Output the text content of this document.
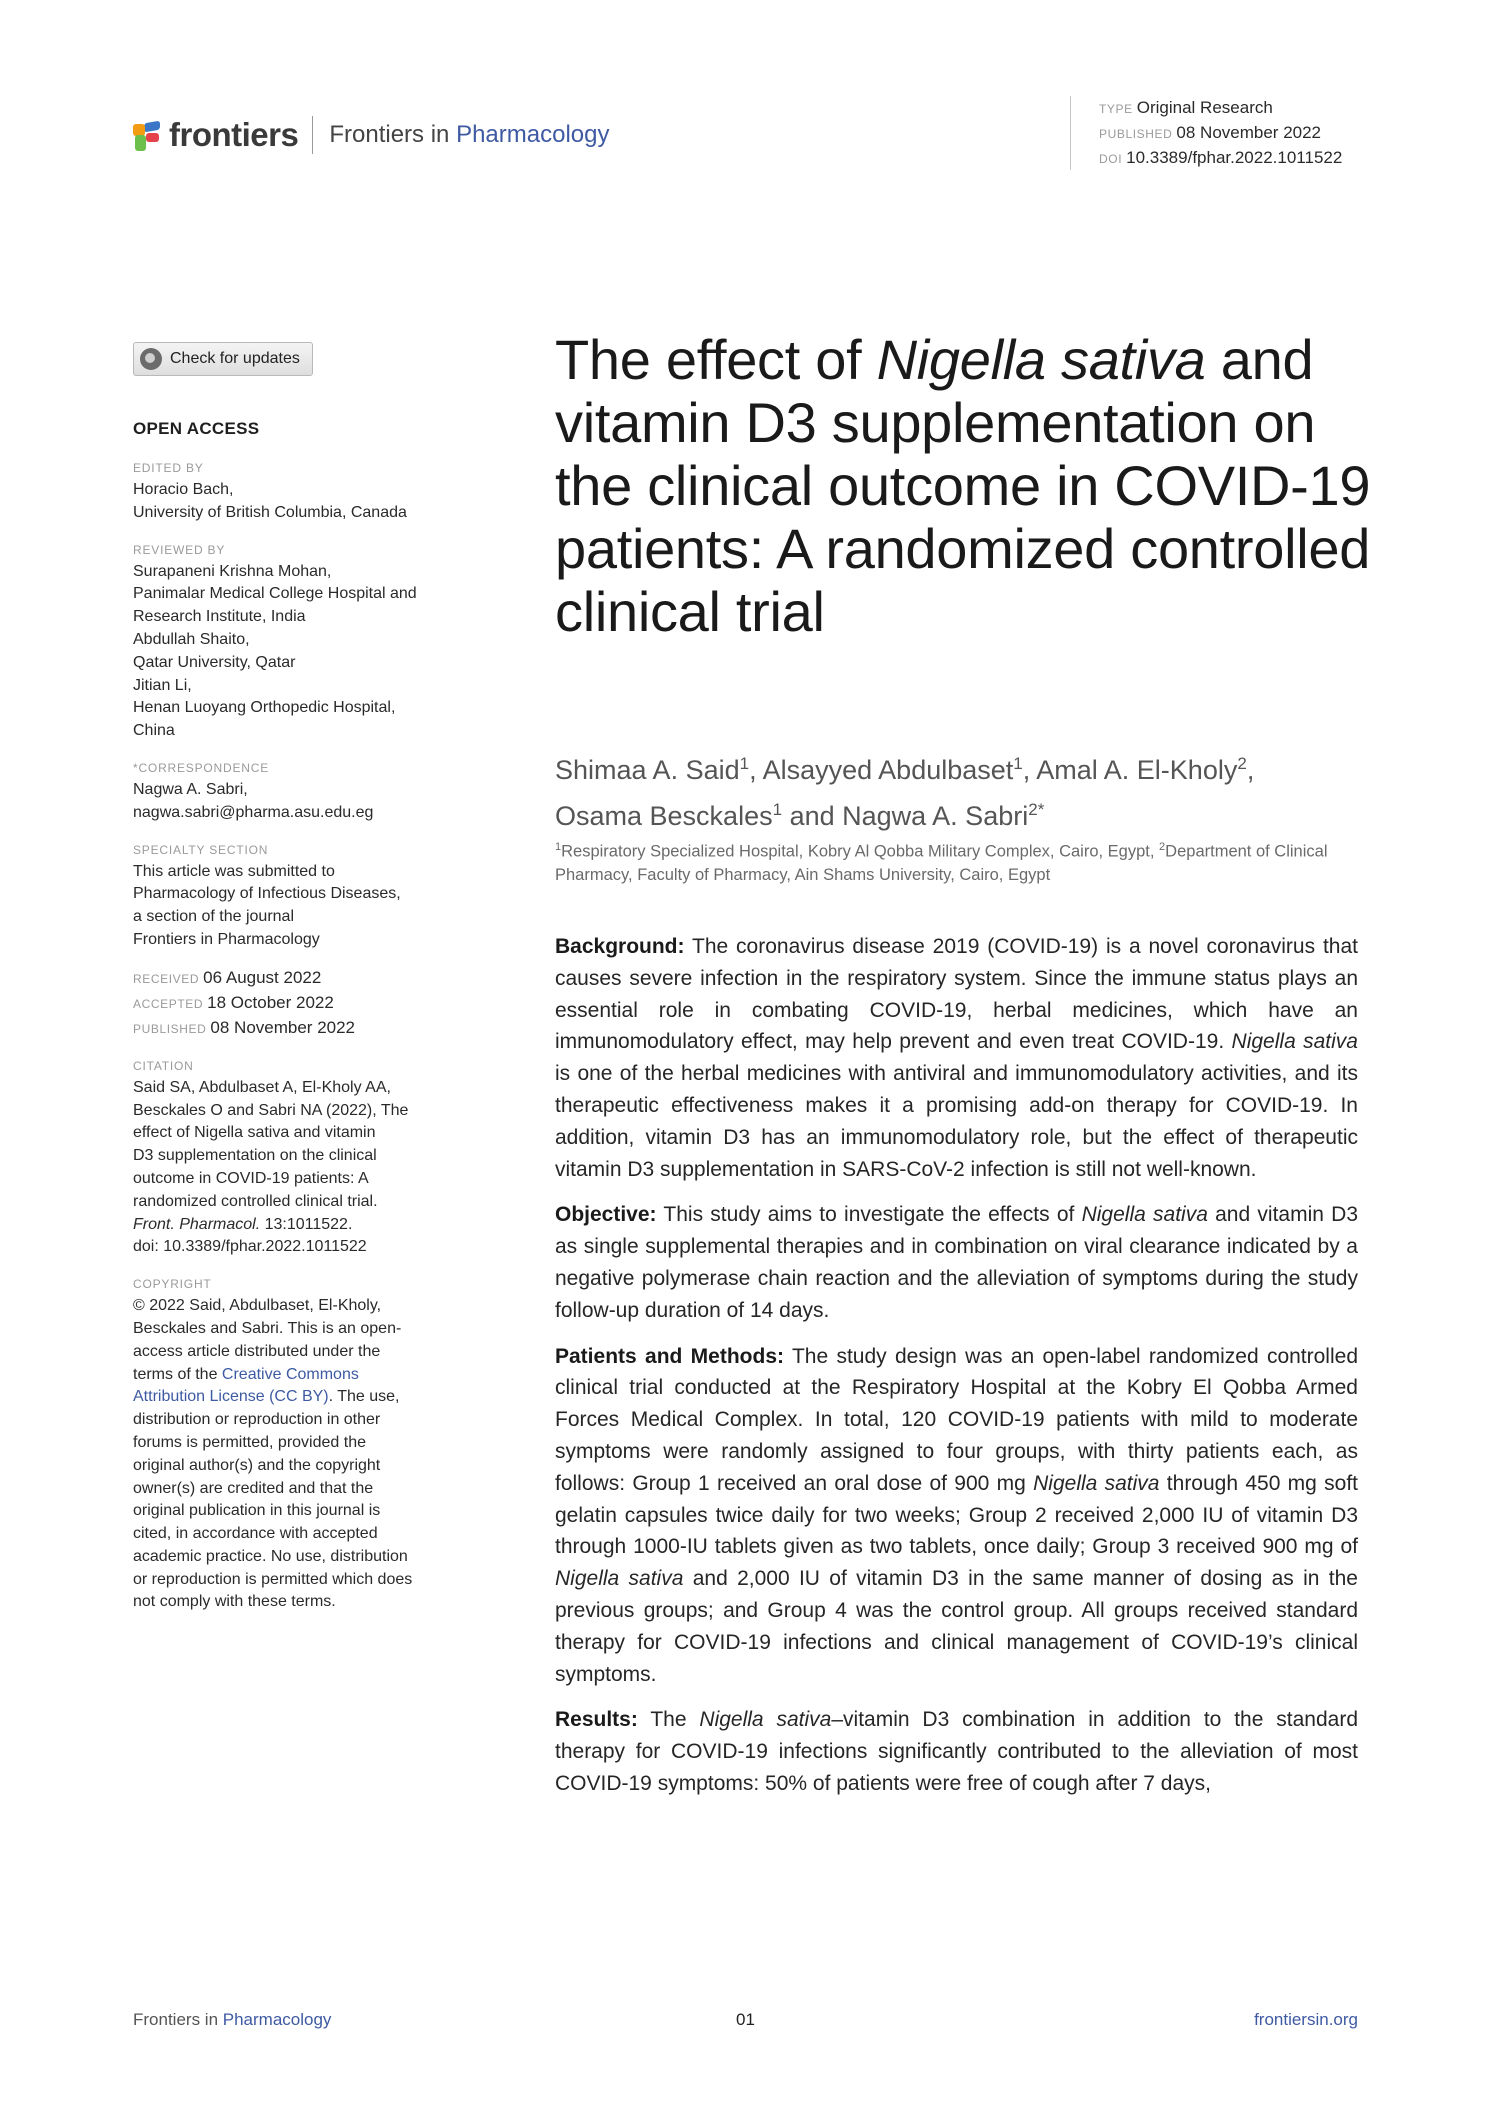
frontiers Frontiers in Pharmacology
TYPE Original Research
PUBLISHED 08 November 2022
DOI 10.3389/fphar.2022.1011522
Check for updates
OPEN ACCESS
EDITED BY
Horacio Bach,
University of British Columbia, Canada
REVIEWED BY
Surapaneni Krishna Mohan,
Panimalar Medical College Hospital and
Research Institute, India
Abdullah Shaito,
Qatar University, Qatar
Jitian Li,
Henan Luoyang Orthopedic Hospital,
China
*CORRESPONDENCE
Nagwa A. Sabri,
nagwa.sabri@pharma.asu.edu.eg
SPECIALTY SECTION
This article was submitted to
Pharmacology of Infectious Diseases,
a section of the journal
Frontiers in Pharmacology
RECEIVED 06 August 2022
ACCEPTED 18 October 2022
PUBLISHED 08 November 2022
CITATION
Said SA, Abdulbaset A, El-Kholy AA,
Besckales O and Sabri NA (2022), The
effect of Nigella sativa and vitamin
D3 supplementation on the clinical
outcome in COVID-19 patients: A
randomized controlled clinical trial.
Front. Pharmacol. 13:1011522.
doi: 10.3389/fphar.2022.1011522
COPYRIGHT
© 2022 Said, Abdulbaset, El-Kholy,
Besckales and Sabri. This is an open-
access article distributed under the
terms of the Creative Commons
Attribution License (CC BY). The use,
distribution or reproduction in other
forums is permitted, provided the
original author(s) and the copyright
owner(s) are credited and that the
original publication in this journal is
cited, in accordance with accepted
academic practice. No use, distribution
or reproduction is permitted which does
not comply with these terms.
The effect of Nigella sativa and vitamin D3 supplementation on the clinical outcome in COVID-19 patients: A randomized controlled clinical trial

Shimaa A. Said$^1$, Alsayyed Abdulbaset$^1$, Amal A. El-Kholy$^2$,
Osama Besckales$^1$ and Nagwa A. Sabri$^{2*}$

$^1$Respiratory Specialized Hospital, Kobry Al Qobba Military Complex, Cairo, Egypt, $^2$Department of Clinical Pharmacy, Faculty of Pharmacy, Ain Shams University, Cairo, Egypt

Background: The coronavirus disease 2019 (COVID-19) is a novel coronavirus that causes severe infection in the respiratory system. Since the immune status plays an essential role in combating COVID-19, herbal medicines, which have an immunomodulatory effect, may help prevent and even treat COVID-19. Nigella sativa is one of the herbal medicines with antiviral and immunomodulatory activities, and its therapeutic effectiveness makes it a promising add-on therapy for COVID-19. In addition, vitamin D3 has an immunomodulatory role, but the effect of therapeutic vitamin D3 supplementation in SARS-CoV-2 infection is still not well-known.

Objective: This study aims to investigate the effects of Nigella sativa and vitamin D3 as single supplemental therapies and in combination on viral clearance indicated by a negative polymerase chain reaction and the alleviation of symptoms during the study follow-up duration of 14 days.

Patients and Methods: The study design was an open-label randomized controlled clinical trial conducted at the Respiratory Hospital at the Kobry El Qobba Armed Forces Medical Complex. In total, 120 COVID-19 patients with mild to moderate symptoms were randomly assigned to four groups, with thirty patients each, as follows: Group 1 received an oral dose of 900 mg Nigella sativa through 450 mg soft gelatin capsules twice daily for two weeks; Group 2 received 2,000 IU of vitamin D3 through 1000-IU tablets given as two tablets, once daily; Group 3 received 900 mg of Nigella sativa and 2,000 IU of vitamin D3 in the same manner of dosing as in the previous groups; and Group 4 was the control group. All groups received standard therapy for COVID-19 infections and clinical management of COVID-19’s clinical symptoms.

Results: The Nigella sativa–vitamin D3 combination in addition to the standard therapy for COVID-19 infections significantly contributed to the alleviation of most COVID-19 symptoms: 50% of patients were free of cough after 7 days,

01
Frontiers in Pharmacology	frontiersin.org
